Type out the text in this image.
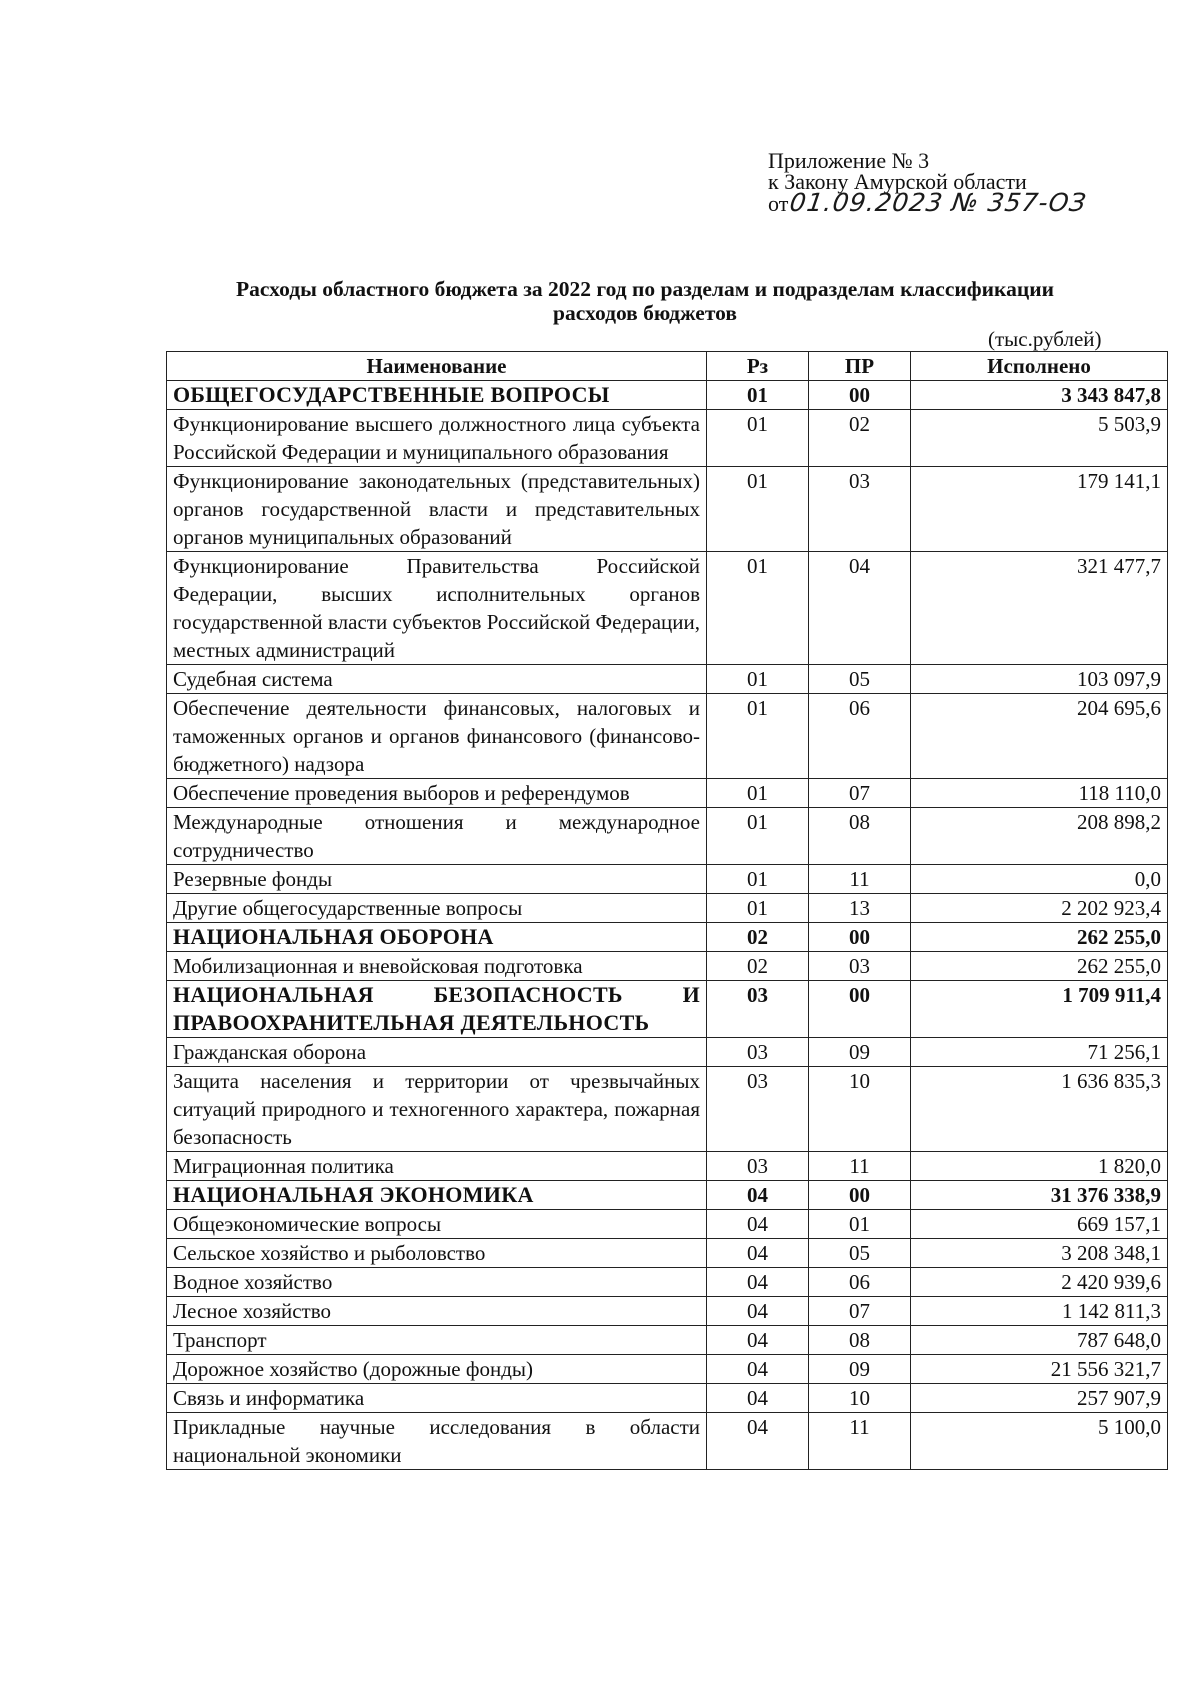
Приложение № 3
к Закону Амурской области
от 01.09.2023 № 357-ОЗ
Расходы областного бюджета за 2022 год по разделам и подразделам классификации
расходов бюджетов
(тыс.рублей)
Наименование	Рз	ПР	Исполнено
ОБЩЕГОСУДАРСТВЕННЫЕ ВОПРОСЫ	01	00	3 343 847,8
Функционирование высшего должностного лица субъекта Российской Федерации и муниципального образования	01	02	5 503,9
Функционирование законодательных (представительных) органов государственной власти и представительных органов муниципальных образований	01	03	179 141,1
Функционирование Правительства Российской Федерации, высших исполнительных органов государственной власти субъектов Российской Федерации, местных администраций	01	04	321 477,7
Судебная система	01	05	103 097,9
Обеспечение деятельности финансовых, налоговых и таможенных органов и органов финансового (финансово-бюджетного) надзора	01	06	204 695,6
Обеспечение проведения выборов и референдумов	01	07	118 110,0
Международные отношения и международное сотрудничество	01	08	208 898,2
Резервные фонды	01	11	0,0
Другие общегосударственные вопросы	01	13	2 202 923,4
НАЦИОНАЛЬНАЯ ОБОРОНА	02	00	262 255,0
Мобилизационная и вневойсковая подготовка	02	03	262 255,0
НАЦИОНАЛЬНАЯ БЕЗОПАСНОСТЬ И ПРАВООХРАНИТЕЛЬНАЯ ДЕЯТЕЛЬНОСТЬ	03	00	1 709 911,4
Гражданская оборона	03	09	71 256,1
Защита населения и территории от чрезвычайных ситуаций природного и техногенного характера, пожарная безопасность	03	10	1 636 835,3
Миграционная политика	03	11	1 820,0
НАЦИОНАЛЬНАЯ ЭКОНОМИКА	04	00	31 376 338,9
Общеэкономические вопросы	04	01	669 157,1
Сельское хозяйство и рыболовство	04	05	3 208 348,1
Водное хозяйство	04	06	2 420 939,6
Лесное хозяйство	04	07	1 142 811,3
Транспорт	04	08	787 648,0
Дорожное хозяйство (дорожные фонды)	04	09	21 556 321,7
Связь и информатика	04	10	257 907,9
Прикладные научные исследования в области национальной экономики	04	11	5 100,0
